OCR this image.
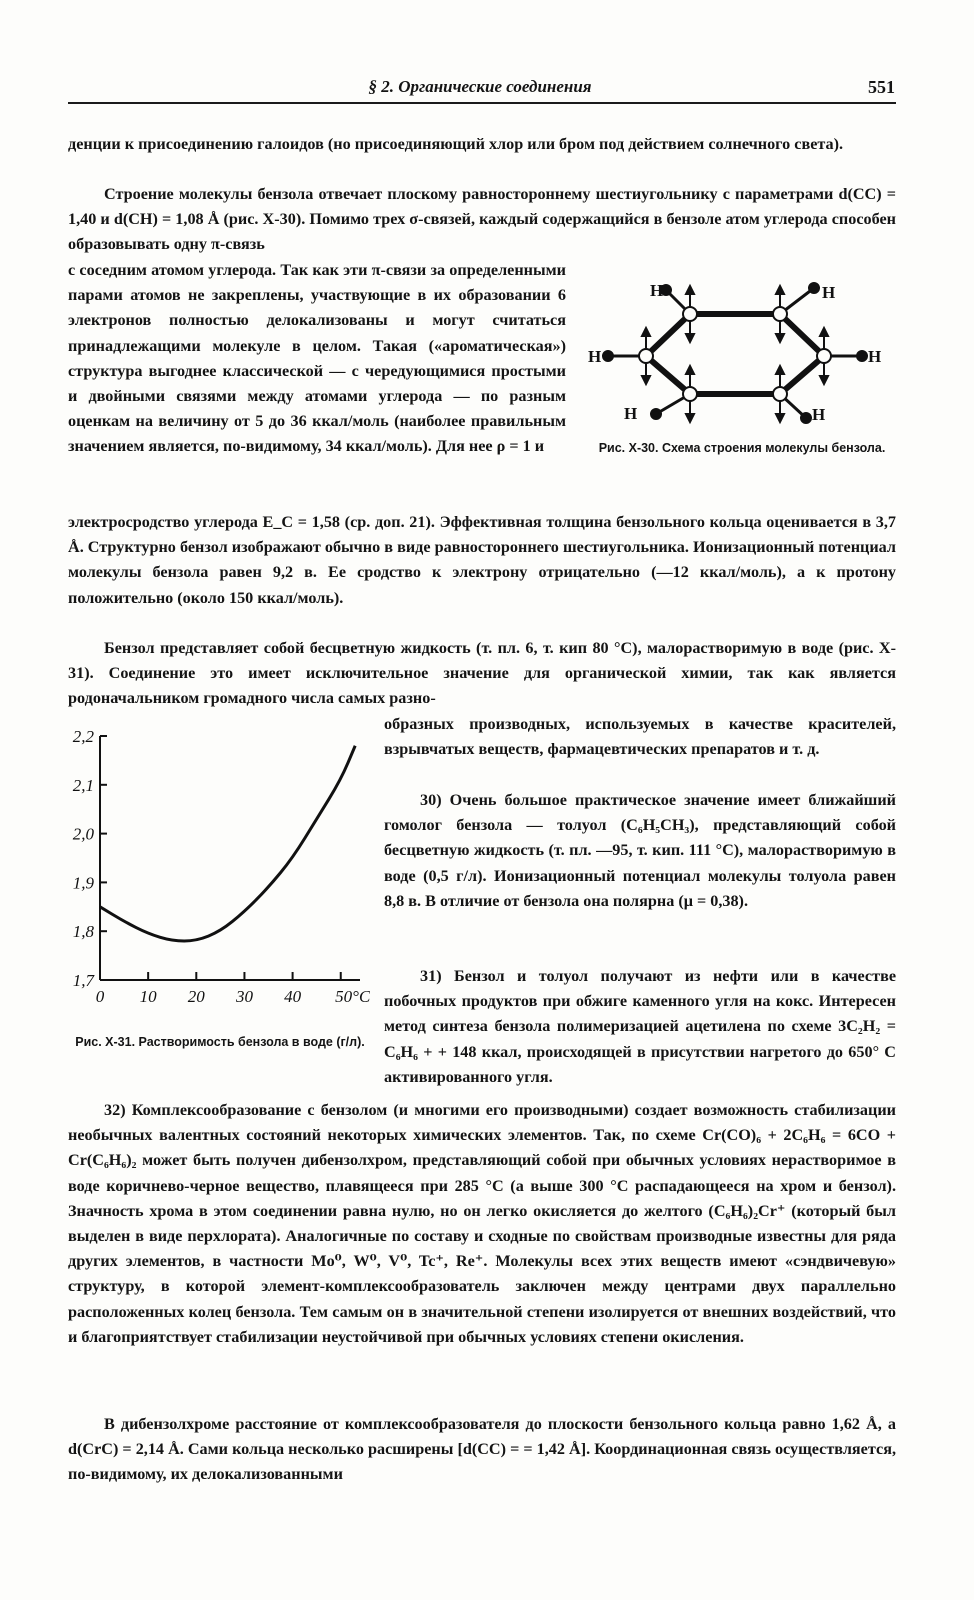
§ 2. Органические соединения	551

денции к присоединению галоидов (но присоединяющий хлор или бром под действием солнечного света).

Строение молекулы бензола отвечает плоскому равностороннему шестиугольнику с параметрами d(CC) = 1,40 и d(CH) = 1,08 Å (рис. X-30). Помимо трех σ-связей, каждый содержащийся в бензоле атом углерода способен образовывать одну π-связь

с соседним атомом углерода. Так как эти π-связи за определенными парами атомов не закреплены, участвующие в их образовании 6 электронов полностью делокализованы и могут считаться принадлежащими молекуле в целом. Такая («ароматическая») структура выгоднее классической — с чередующимися простыми и двойными связями между атомами углерода — по разным оценкам на величину от 5 до 36 ккал/моль (наиболее правильным значением является, по-видимому, 34 ккал/моль). Для нее ρ = 1 и

H	H
H
H
H
H
Рис. X-30. Схема строения молекулы бензола.

электросродство углерода E_C = 1,58 (ср. доп. 21). Эффективная толщина бензольного кольца оценивается в 3,7 Å. Структурно бензол изображают обычно в виде равностороннего шестиугольника. Ионизационный потенциал молекулы бензола равен 9,2 в. Ее сродство к электрону отрицательно (—12 ккал/моль), а к протону положительно (около 150 ккал/моль).

Бензол представляет собой бесцветную жидкость (т. пл. 6, т. кип 80 °С), малорастворимую в воде (рис. X-31). Соединение это имеет исключительное значение для органической химии, так как является родоначальником громадного числа самых разно-

2,2
2,1
2,0
1,9
1,8
1,7
0 10 20 30 40 50°C
Рис. X-31. Растворимость бензола в воде (г/л).

образных производных, используемых в качестве красителей, взрывчатых веществ, фармацевтических препаратов и т. д.

30) Очень большое практическое значение имеет ближайший гомолог бензола — толуол (C₆H₅CH₃), представляющий собой бесцветную жидкость (т. пл. —95, т. кип. 111 °С), малорастворимую в воде (0,5 г/л). Ионизационный потенциал молекулы толуола равен 8,8 в. В отличие от бензола она полярна (μ = 0,38).

31) Бензол и толуол получают из нефти или в качестве побочных продуктов при обжиге каменного угля на кокс. Интересен метод синтеза бензола полимеризацией ацетилена по схеме 3C₂H₂ = C₆H₆ + + 148 ккал, происходящей в присутствии нагретого до 650° С активированного угля.

32) Комплексообразование с бензолом (и многими его производными) создает возможность стабилизации необычных валентных состояний некоторых химических элементов. Так, по схеме Cr(CO)₆ + 2C₆H₆ = 6CO + Cr(C₆H₆)₂ может быть получен дибензолхром, представляющий собой при обычных условиях нерастворимое в воде коричнево-черное вещество, плавящееся при 285 °С (а выше 300 °С распадающееся на хром и бензол). Значность хрома в этом соединении равна нулю, но он легко окисляется до желтого (C₆H₆)₂Cr⁺ (который был выделен в виде перхлората). Аналогичные по составу и сходные по свойствам производные известны для ряда других элементов, в частности Mo⁰, W⁰, V⁰, Tc⁺, Re⁺. Молекулы всех этих веществ имеют «сэндвичевую» структуру, в которой элемент-комплексообразователь заключен между центрами двух параллельно расположенных колец бензола. Тем самым он в значительной степени изолируется от внешних воздействий, что и благоприятствует стабилизации неустойчивой при обычных условиях степени окисления.

В дибензолхроме расстояние от комплексообразователя до плоскости бензольного кольца равно 1,62 Å, а d(CrC) = 2,14 Å. Сами кольца несколько расширены [d(CC) = = 1,42 Å]. Координационная связь осуществляется, по-видимому, их делокализованными
